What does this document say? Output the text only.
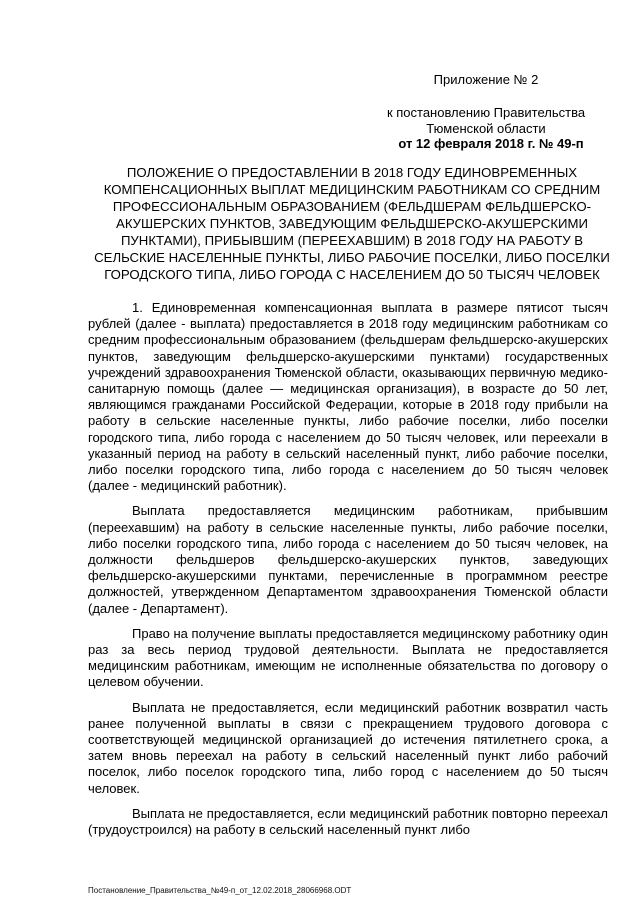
Приложение № 2
к постановлению Правительства Тюменской области
от 12 февраля 2018 г. № 49-п
ПОЛОЖЕНИЕ О ПРЕДОСТАВЛЕНИИ В 2018 ГОДУ ЕДИНОВРЕМЕННЫХ КОМПЕНСАЦИОННЫХ ВЫПЛАТ МЕДИЦИНСКИМ РАБОТНИКАМ СО СРЕДНИМ ПРОФЕССИОНАЛЬНЫМ ОБРАЗОВАНИЕМ (ФЕЛЬДШЕРАМ ФЕЛЬДШЕРСКО-АКУШЕРСКИХ ПУНКТОВ, ЗАВЕДУЮЩИМ ФЕЛЬДШЕРСКО-АКУШЕРСКИМИ ПУНКТАМИ), ПРИБЫВШИМ (ПЕРЕЕХАВШИМ) В 2018 ГОДУ НА РАБОТУ В СЕЛЬСКИЕ НАСЕЛЕННЫЕ ПУНКТЫ, ЛИБО РАБОЧИЕ ПОСЕЛКИ, ЛИБО ПОСЕЛКИ ГОРОДСКОГО ТИПА, ЛИБО ГОРОДА С НАСЕЛЕНИЕМ ДО 50 ТЫСЯЧ ЧЕЛОВЕК

1. Единовременная компенсационная выплата в размере пятисот тысяч рублей (далее - выплата) предоставляется в 2018 году медицинским работникам со средним профессиональным образованием (фельдшерам фельдшерско-акушерских пунктов, заведующим фельдшерско-акушерскими пунктами) государственных учреждений здравоохранения Тюменской области, оказывающих первичную медико-санитарную помощь (далее — медицинская организация), в возрасте до 50 лет, являющимся гражданами Российской Федерации, которые в 2018 году прибыли на работу в сельские населенные пункты, либо рабочие поселки, либо поселки городского типа, либо города с населением до 50 тысяч человек, или переехали в указанный период на работу в сельский населенный пункт, либо рабочие поселки, либо поселки городского типа, либо города с населением до 50 тысяч человек (далее - медицинский работник).

Выплата предоставляется медицинским работникам, прибывшим (переехавшим) на работу в сельские населенные пункты, либо рабочие поселки, либо поселки городского типа, либо города с населением до 50 тысяч человек, на должности фельдшеров фельдшерско-акушерских пунктов, заведующих фельдшерско-акушерскими пунктами, перечисленные в программном реестре должностей, утвержденном Департаментом здравоохранения Тюменской области (далее - Департамент).

Право на получение выплаты предоставляется медицинскому работнику один раз за весь период трудовой деятельности. Выплата не предоставляется медицинским работникам, имеющим не исполненные обязательства по договору о целевом обучении.

Выплата не предоставляется, если медицинский работник возвратил часть ранее полученной выплаты в связи с прекращением трудового договора с соответствующей медицинской организацией до истечения пятилетнего срока, а затем вновь переехал на работу в сельский населенный пункт либо рабочий поселок, либо поселок городского типа, либо город с населением до 50 тысяч человек.

Выплата не предоставляется, если медицинский работник повторно переехал (трудоустроился) на работу в сельский населенный пункт либо

Постановление_Правительства_№49-п_от_12.02.2018_28066968.ODT
